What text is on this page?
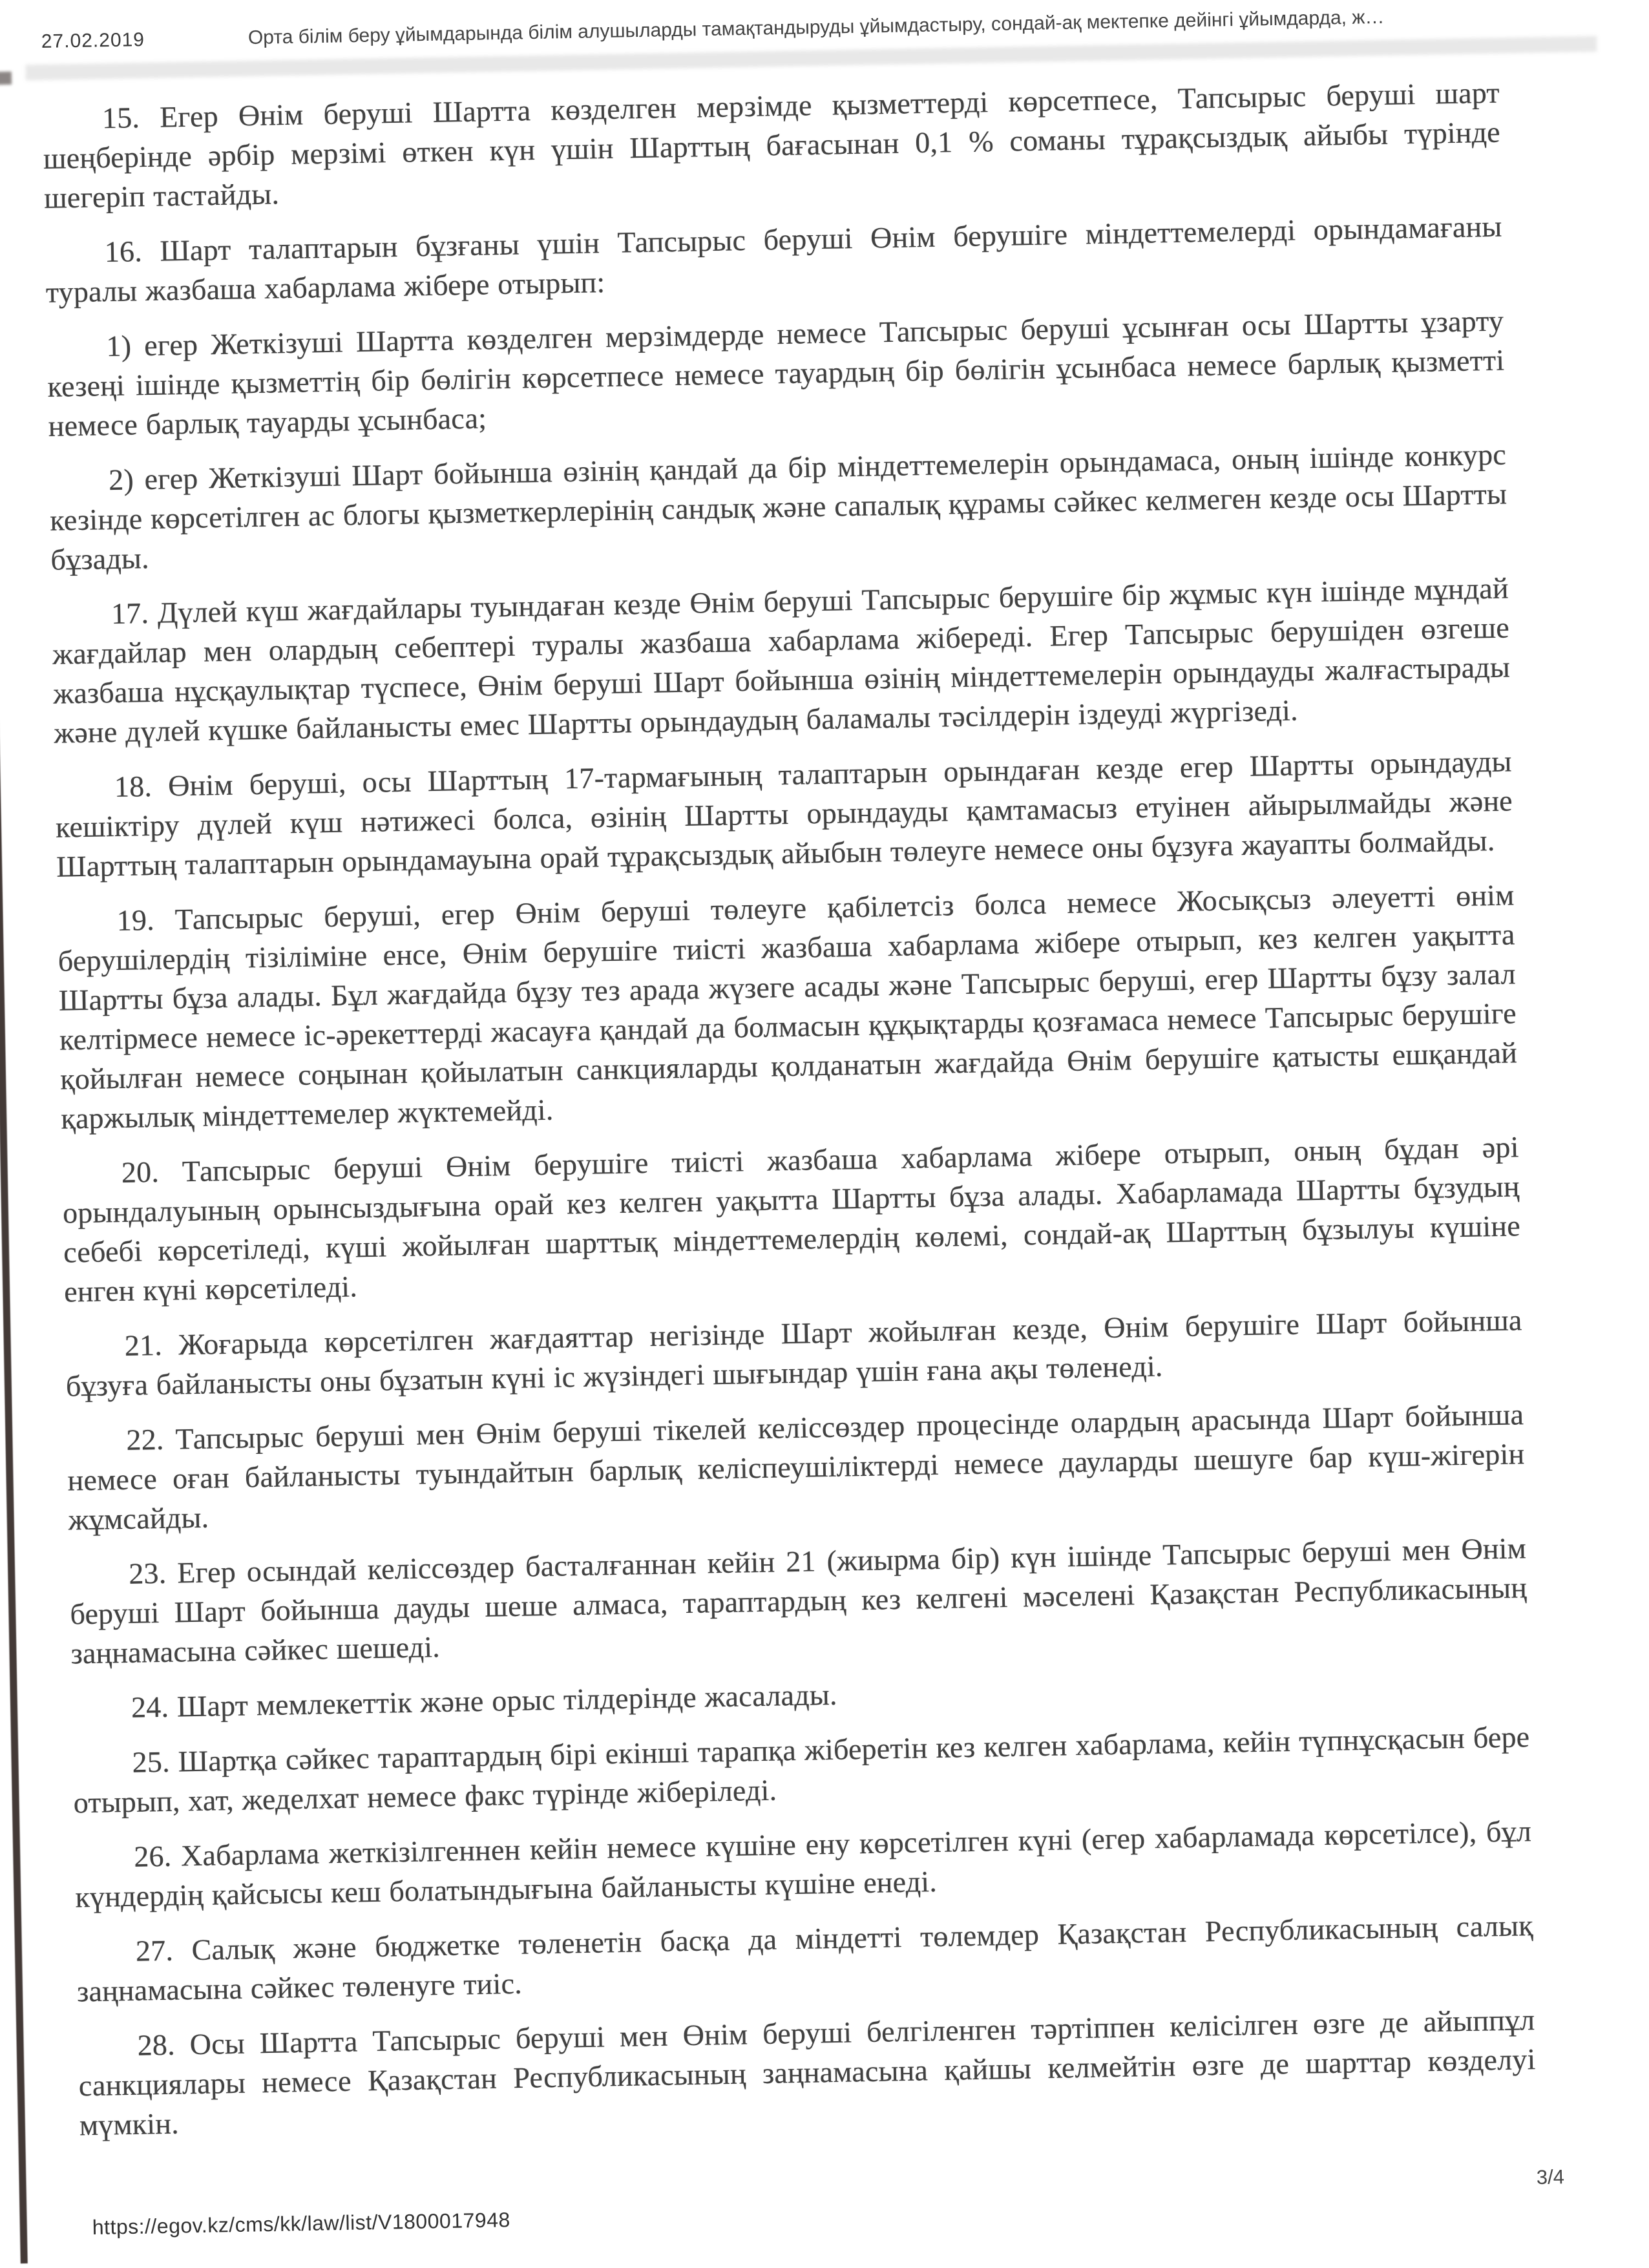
27.02.2019	Орта білім беру ұйымдарында білім алушыларды тамақтандыруды ұйымдастыру, сондай-ақ мектепке дейінгі ұйымдарда, ж…

15. Егер Өнім беруші Шартта көзделген мерзімде қызметтерді көрсетпесе, Тапсырыс беруші шарт шеңберінде әрбір мерзімі өткен күн үшін Шарттың бағасынан 0,1 % соманы тұрақсыздық айыбы түрінде шегеріп тастайды.

16. Шарт талаптарын бұзғаны үшін Тапсырыс беруші Өнім берушіге міндеттемелерді орындамағаны туралы жазбаша хабарлама жібере отырып:

1) егер Жеткізуші Шартта көзделген мерзімдерде немесе Тапсырыс беруші ұсынған осы Шартты ұзарту кезеңі ішінде қызметтің бір бөлігін көрсетпесе немесе тауардың бір бөлігін ұсынбаса немесе барлық қызметті немесе барлық тауарды ұсынбаса;

2) егер Жеткізуші Шарт бойынша өзінің қандай да бір міндеттемелерін орындамаса, оның ішінде конкурс кезінде көрсетілген ас блогы қызметкерлерінің сандық және сапалық құрамы сәйкес келмеген кезде осы Шартты бұзады.

17. Дүлей күш жағдайлары туындаған кезде Өнім беруші Тапсырыс берушіге бір жұмыс күн ішінде мұндай жағдайлар мен олардың себептері туралы жазбаша хабарлама жібереді. Егер Тапсырыс берушіден өзгеше жазбаша нұсқаулықтар түспесе, Өнім беруші Шарт бойынша өзінің міндеттемелерін орындауды жалғастырады және дүлей күшке байланысты емес Шартты орындаудың баламалы тәсілдерін іздеуді жүргізеді.

18. Өнім беруші, осы Шарттың 17-тармағының талаптарын орындаған кезде егер Шартты орындауды кешіктіру дүлей күш нәтижесі болса, өзінің Шартты орындауды қамтамасыз етуінен айырылмайды және Шарттың талаптарын орындамауына орай тұрақсыздық айыбын төлеуге немесе оны бұзуға жауапты болмайды.

19. Тапсырыс беруші, егер Өнім беруші төлеуге қабілетсіз болса немесе Жосықсыз әлеуетті өнім берушілердің тізіліміне енсе, Өнім берушіге тиісті жазбаша хабарлама жібере отырып, кез келген уақытта Шартты бұза алады. Бұл жағдайда бұзу тез арада жүзеге асады және Тапсырыс беруші, егер Шартты бұзу залал келтірмесе немесе іс-әрекеттерді жасауға қандай да болмасын құқықтарды қозғамаса немесе Тапсырыс берушіге қойылған немесе соңынан қойылатын санкцияларды қолданатын жағдайда Өнім берушіге қатысты ешқандай қаржылық міндеттемелер жүктемейді.

20. Тапсырыс беруші Өнім берушіге тиісті жазбаша хабарлама жібере отырып, оның бұдан әрі орындалуының орынсыздығына орай кез келген уақытта Шартты бұза алады. Хабарламада Шартты бұзудың себебі көрсетіледі, күші жойылған шарттық міндеттемелердің көлемі, сондай-ақ Шарттың бұзылуы күшіне енген күні көрсетіледі.

21. Жоғарыда көрсетілген жағдаяттар негізінде Шарт жойылған кезде, Өнім берушіге Шарт бойынша бұзуға байланысты оны бұзатын күні іс жүзіндегі шығындар үшін ғана ақы төленеді.

22. Тапсырыс беруші мен Өнім беруші тікелей келіссөздер процесінде олардың арасында Шарт бойынша немесе оған байланысты туындайтын барлық келіспеушіліктерді немесе дауларды шешуге бар күш-жігерін жұмсайды.

23. Егер осындай келіссөздер басталғаннан кейін 21 (жиырма бір) күн ішінде Тапсырыс беруші мен Өнім беруші Шарт бойынша дауды шеше алмаса, тараптардың кез келгені мәселені Қазақстан Республикасының заңнамасына сәйкес шешеді.

24. Шарт мемлекеттік және орыс тілдерінде жасалады.

25. Шартқа сәйкес тараптардың бірі екінші тарапқа жіберетін кез келген хабарлама, кейін түпнұсқасын бере отырып, хат, жеделхат немесе факс түрінде жіберіледі.

26. Хабарлама жеткізілгеннен кейін немесе күшіне ену көрсетілген күні (егер хабарламада көрсетілсе), бұл күндердің қайсысы кеш болатындығына байланысты күшіне енеді.

27. Салық және бюджетке төленетін басқа да міндетті төлемдер Қазақстан Республикасының салық заңнамасына сәйкес төленуге тиіс.

28. Осы Шартта Тапсырыс беруші мен Өнім беруші белгіленген тәртіппен келісілген өзге де айыппұл санкциялары немесе Қазақстан Республикасының заңнамасына қайшы келмейтін өзге де шарттар көзделуі мүмкін.

3/4
https://egov.kz/cms/kk/law/list/V1800017948
